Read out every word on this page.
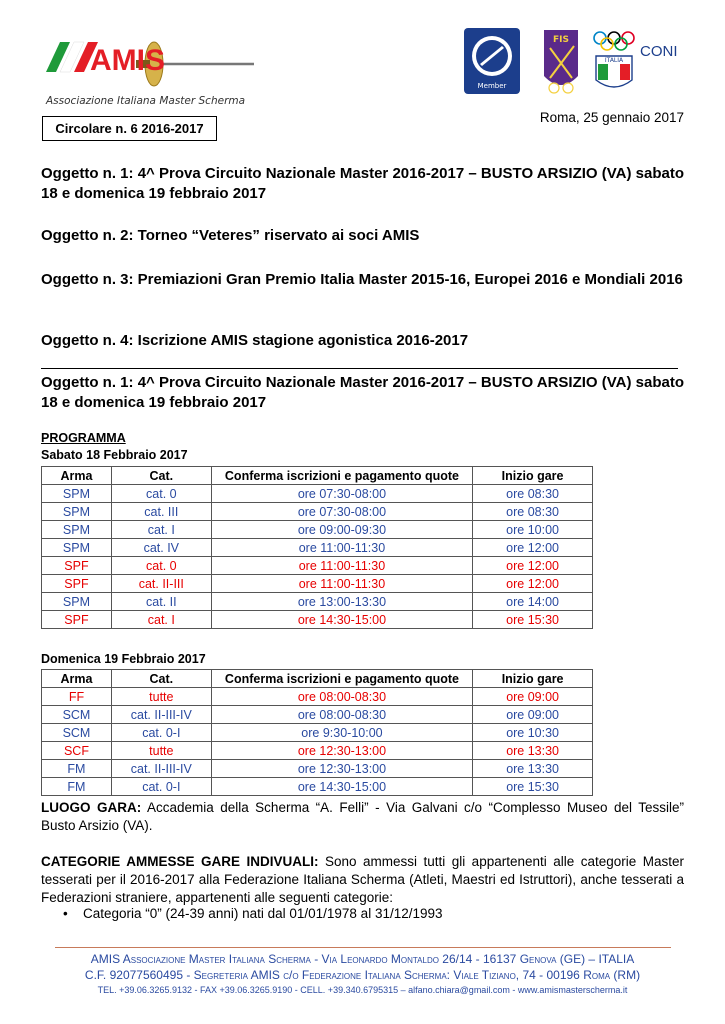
AMIS
Associazione Italiana Master Scherma
Circolare n. 6 2016-2017
Roma, 25 gennaio 2017
Member
FIS
ITALIA
CONI
Oggetto n. 1: 4^ Prova Circuito Nazionale Master 2016-2017 – BUSTO ARSIZIO (VA) sabato 18 e domenica 19 febbraio 2017
Oggetto n. 2: Torneo “Veteres” riservato ai soci AMIS
Oggetto n. 3: Premiazioni Gran Premio Italia Master 2015-16, Europei 2016 e Mondiali 2016
Oggetto n. 4: Iscrizione AMIS stagione agonistica 2016-2017
Oggetto n. 1: 4^ Prova Circuito Nazionale Master 2016-2017 – BUSTO ARSIZIO (VA) sabato 18 e domenica 19 febbraio 2017
PROGRAMMA
Sabato 18 Febbraio 2017
Arma	Cat.	Conferma iscrizioni e pagamento quote	Inizio gare
SPM	cat. 0	ore 07:30-08:00	ore 08:30
SPM	cat. III	ore 07:30-08:00	ore 08:30
SPM	cat. I	ore 09:00-09:30	ore 10:00
SPM	cat. IV	ore 11:00-11:30	ore 12:00
SPF	cat. 0	ore 11:00-11:30	ore 12:00
SPF	cat. II-III	ore 11:00-11:30	ore 12:00
SPM	cat. II	ore 13:00-13:30	ore 14:00
SPF	cat. I	ore 14:30-15:00	ore 15:30
Domenica 19 Febbraio 2017
Arma	Cat.	Conferma iscrizioni e pagamento quote	Inizio gare
FF	tutte	ore 08:00-08:30	ore 09:00
SCM	cat. II-III-IV	ore 08:00-08:30	ore 09:00
SCM	cat. 0-I	ore 9:30-10:00	ore 10:30
SCF	tutte	ore 12:30-13:00	ore 13:30
FM	cat. II-III-IV	ore 12:30-13:00	ore 13:30
FM	cat. 0-I	ore 14:30-15:00	ore 15:30
LUOGO GARA: Accademia della Scherma “A. Felli” - Via Galvani c/o “Complesso Museo del Tessile” Busto Arsizio (VA).
CATEGORIE AMMESSE GARE INDIVUALI: Sono ammessi tutti gli appartenenti alle categorie Master tesserati per il 2016-2017 alla Federazione Italiana Scherma (Atleti, Maestri ed Istruttori), anche tesserati a Federazioni straniere, appartenenti alle seguenti categorie:
• Categoria “0” (24-39 anni) nati dal 01/01/1978 al 31/12/1993
AMIS Associazione Master Italiana Scherma - Via Leonardo Montaldo 26/14 - 16137 Genova (GE) – ITALIA
C.F. 92077560495 - Segreteria AMIS c/o Federazione Italiana Scherma: Viale Tiziano, 74 - 00196 Roma (RM)
TEL. +39.06.3265.9132 - FAX +39.06.3265.9190 - CELL. +39.340.6795315 – alfano.chiara@gmail.com - www.amismasterscherma.it
